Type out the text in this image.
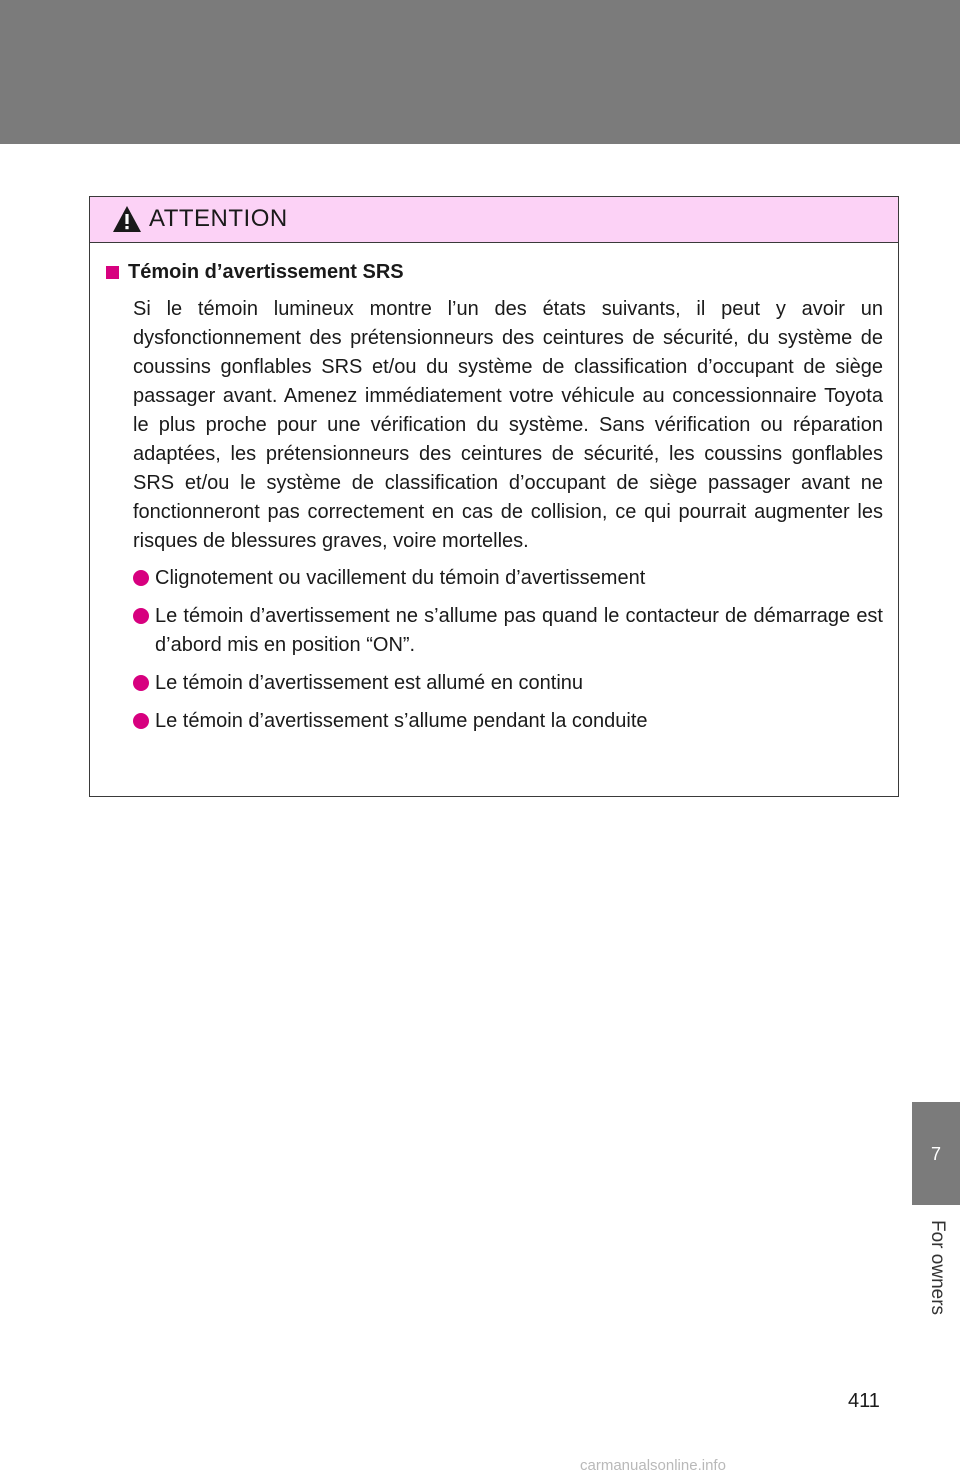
ATTENTION
Témoin d’avertissement SRS
Si le témoin lumineux montre l’un des états suivants, il peut y avoir un dysfonctionnement des prétensionneurs des ceintures de sécurité, du système de coussins gonflables SRS et/ou du système de classification d’occupant de siège passager avant. Amenez immédiatement votre véhicule au concessionnaire Toyota le plus proche pour une vérification du système. Sans vérification ou réparation adaptées, les prétensionneurs des ceintures de sécurité, les coussins gonflables SRS et/ou le système de classification d’occupant de siège passager avant ne fonctionneront pas correctement en cas de collision, ce qui pourrait augmenter les risques de blessures graves, voire mortelles.
Clignotement ou vacillement du témoin d’avertissement
Le témoin d’avertissement ne s’allume pas quand le contacteur de démarrage est d’abord mis en position “ON”.
Le témoin d’avertissement est allumé en continu
Le témoin d’avertissement s’allume pendant la conduite
7
For owners
411
carmanualsonline.info
